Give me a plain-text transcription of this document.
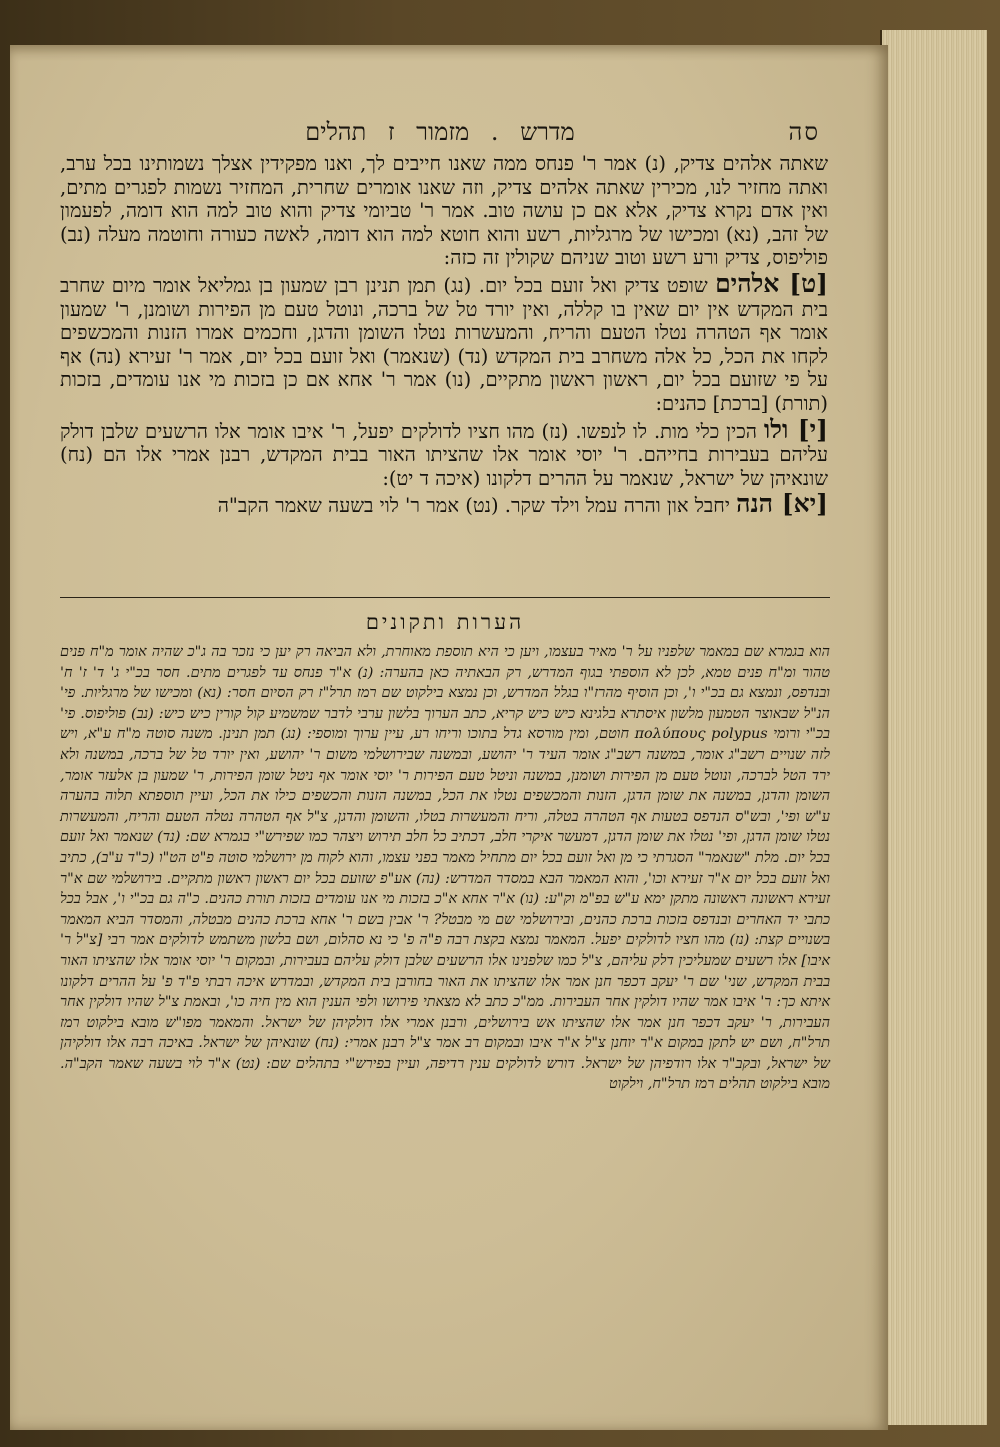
סה
מדרש . מזמור ז תהלים

שאתה אלהים צדיק, (נ) אמר ר' פנחס ממה שאנו חייבים לך, ואנו מפקידין אצלך נשמותינו בכל ערב, ואתה מחזיר לנו, מכירין שאתה אלהים צדיק, וזה שאנו אומרים שחרית, המחזיר נשמות לפגרים מתים, ואין אדם נקרא צדיק, אלא אם כן עושה טוב. אמר ר' טביומי צדיק והוא טוב למה הוא דומה, לפעמון של זהב, (נא) ומכישו של מרגליות, רשע והוא חוטא למה הוא דומה, לאשה כעורה וחוטמה מעלה (נב) פוליפוס, צדיק ורע רשע וטוב שניהם שקולין זה כזה:

[ט] אלהים שופט צדיק ואל זועם בכל יום. (נג) תמן תנינן רבן שמעון בן גמליאל אומר מיום שחרב בית המקדש אין יום שאין בו קללה, ואין יורד טל של ברכה, ונוטל טעם מן הפירות ושומנן, ר' שמעון אומר אף הטהרה נטלו הטעם והריח, והמעשרות נטלו השומן והדגן, וחכמים אמרו הזנות והמכשפים לקחו את הכל, כל אלה משחרב בית המקדש (נד) (שנאמר) ואל זועם בכל יום, אמר ר' זעירא (נה) אף על פי שזועם בכל יום, ראשון ראשון מתקיים, (נו) אמר ר' אחא אם כן בזכות מי אנו עומדים, בזכות (תורת) [ברכת] כהנים:

[י] ולו הכין כלי מות. לו לנפשו. (נז) מהו חציו לדולקים יפעל, ר' איבו אומר אלו הרשעים שלבן דולק עליהם בעבירות בחייהם. ר' יוסי אומר אלו שהציתו האור בבית המקדש, רבנן אמרי אלו הם (נח) שונאיהן של ישראל, שנאמר על ההרים דלקונו (איכה ד יט):

[יא] הנה יחבל און והרה עמל וילד שקר. (נט) אמר ר' לוי בשעה שאמר הקב"ה

הערות ותקונים

הוא בגמרא שם במאמר שלפניו על ר' מאיר בעצמו, ויען כי היא תוספת מאוחרת, ולא הביאה רק יען כי נזכר בה ג"כ שהיה אומר מ"ח פנים טהור ומ"ח פנים טמא, לכן לא הוספתי בגוף המדרש, רק הבאתיה כאן בהערה: (נ) א"ר פנחס עד לפגרים מתים. חסר בכ"י ג' ד' ז' ח' ובנדפס, ונמצא גם בכ"י ו', וכן הוסיף מהרז"ו בגלל המדרש, וכן נמצא בילקוט שם רמז תרל"ז רק הסיום חסר: (נא) ומכישו של מרגליות. פי' הנ"ל שבאוצר הטמעון מלשון איסתרא בלגינא כיש כיש קריא, כתב הערוך בלשון ערבי לדבר שמשמיע קול קורין כיש כיש: (נב) פוליפוס. פי' בכ"י ורומי πολύπους polypus חוטם, ומין מורסא גדל בתוכו וריחו רע, עיין ערוך ומוספי: (נג) תמן תנינן. משנה סוטה מ"ח ע"א, ויש לזה שנויים רשב"ג אומר, במשנה רשב"ג אומר העיד ר' יהושע, ובמשנה שבירושלמי משום ר' יהושע, ואין יורד טל של ברכה, במשנה ולא ירד הטל לברכה, ונוטל טעם מן הפירות ושומנן, במשנה וניטל טעם הפירות ר' יוסי אומר אף ניטל שומן הפירות, ר' שמעון בן אלעזר אומר, השומן והדגן, במשנה את שומן הדגן, הזנות והמכשפים נטלו את הכל, במשנה הזנות והכשפים כילו את הכל, ועיין תוספתא תלוה בהערה ע"ש ופי', ובש"ס הנדפס בטעות אף הטהרה בטלה, וריח והמעשרות בטלו, והשומן והדגן, צ"ל אף הטהרה נטלה הטעם והריח, והמעשרות נטלו שומן הדגן, ופי' נטלו את שומן הדגן, דמעשר איקרי חלב, דכתיב כל חלב תירוש ויצהר כמו שפירש"י בגמרא שם: (נד) שנאמר ואל זועם בכל יום. מלת "שנאמר" הסגרתי כי מן ואל זועם בכל יום מתחיל מאמר בפני עצמו, והוא לקוח מן ירושלמי סוטה פ"ט הט"ו (כ"ד ע"ב), כתיב ואל זועם בכל יום א"ר זעירא וכו', והוא המאמר הבא במסדר המדרש: (נה) אע"פ שזועם בכל יום ראשון ראשון מתקיים. בירושלמי שם א"ר זעירא ראשונה ראשונה מתקן ימא ע"ש בפ"מ וק"ע: (נו) א"ר אחא א"כ בזכות מי אנו עומדים בזכות תורת כהנים. כ"ה גם בכ"י ו', אבל בכל כתבי יד האחרים ובנדפס בזכות ברכת כהנים, ובירושלמי שם מי מבטל? ר' אבין בשם ר' אחא ברכת כהנים מבטלה, והמסדר הביא המאמר בשנויים קצת: (נז) מהו חציו לדולקים יפעל. המאמר נמצא בקצת רבה פ"ה פ' כי נא סהלום, ושם בלשון משתמש לדולקים אמר רבי [צ"ל ר' איבו] אלו רשעים שמעליכין דלק עליהם, צ"ל כמו שלפנינו אלו הרשעים שלבן דולק עליהם בעבירות, ובמקום ר' יוסי אומר אלו שהציתו האור בבית המקדש, שני' שם ר' יעקב דכפר חנן אמר אלו שהציתו את האור בחורבן בית המקדש, ובמדרש איכה רבתי פ"ד פ' על ההרים דלקונו איתא כך: ר' איבו אמר שהיו דולקין אחר העבירות. ממ"כ כתב לא מצאתי פירושו ולפי הענין הוא מין חיה כו', ובאמת צ"ל שהיו דולקין אחר העבירות, ר' יעקב דכפר חנן אמר אלו שהציתו אש בירושלים, ורבנן אמרי אלו דולקיהן של ישראל. והמאמר מפו"ש מובא בילקוט רמז תרל"ח, ושם יש לתקן במקום א"ר יוחנן צ"ל א"ר איבו ובמקום רב אמר צ"ל רבנן אמרי: (נח) שונאיהן של ישראל. באיכה רבה אלו דולקיהן של ישראל, ובקב"ר אלו רודפיהן של ישראל. דורש לדולקים ענין רדיפה, ועיין בפירש"י בתהלים שם: (נט) א"ר לוי בשעה שאמר הקב"ה. מובא בילקוט תהלים רמז תרל"ח, וילקוט
